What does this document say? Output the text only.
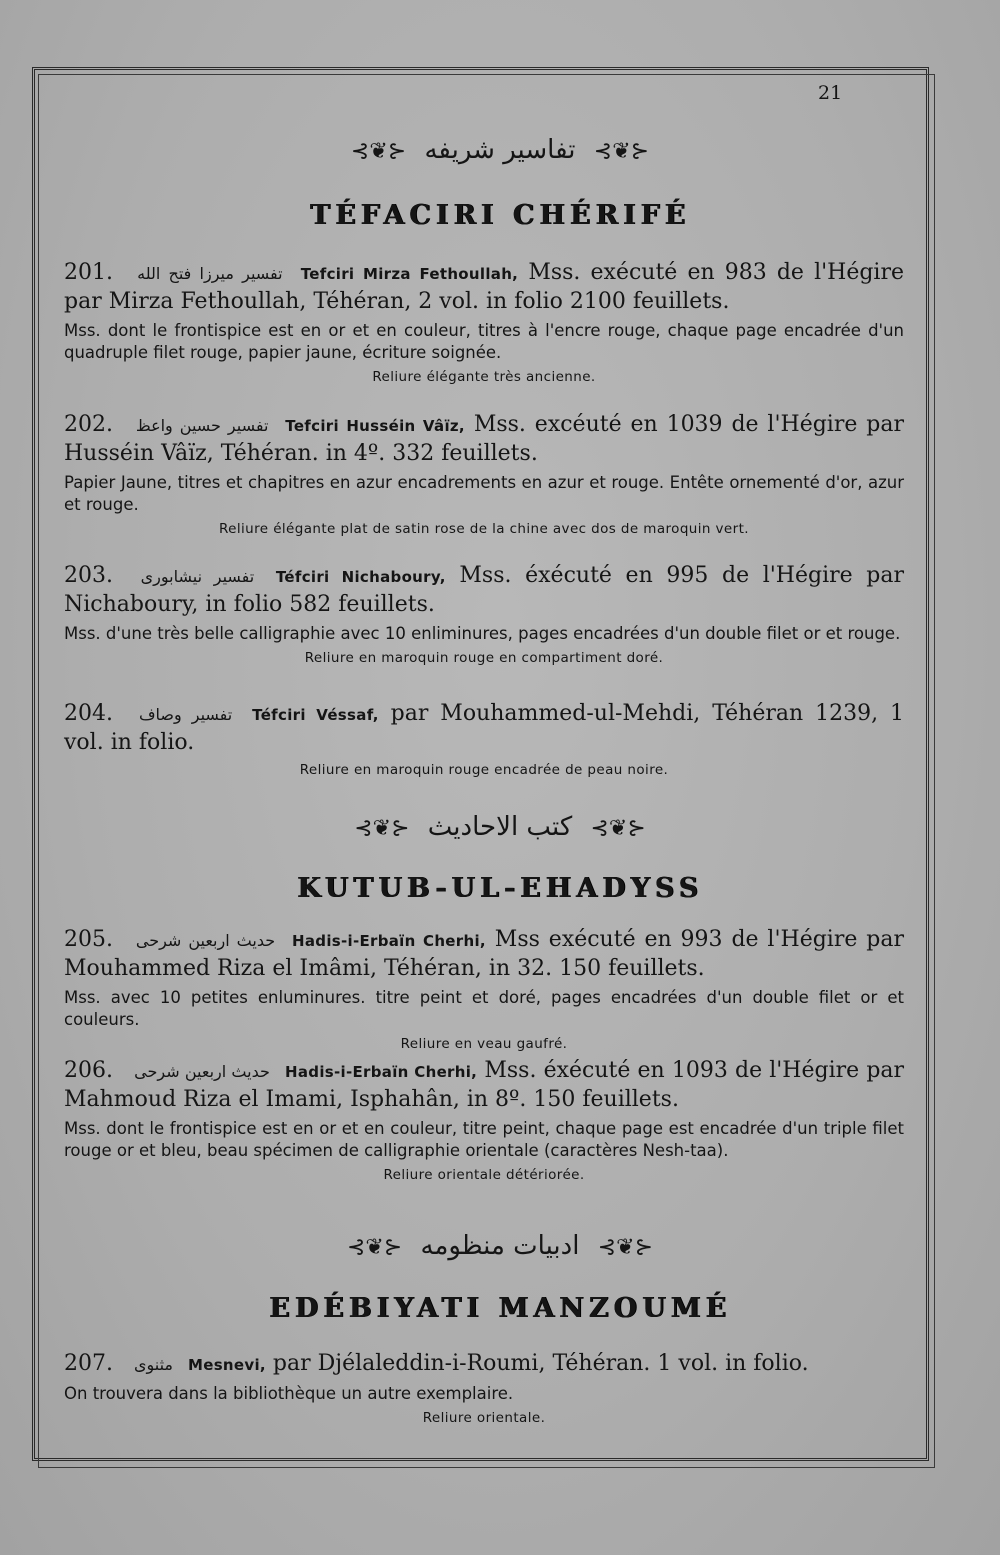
21
⊰❦⊱ تفاسير شريفه ⊰❦⊱
TÉFACIRI CHÉRIFÉ

201. تفسير ميرزا فتح الله Tefciri Mirza Fethoullah, Mss. exécuté en 983 de l'Hégire par Mirza Fethoullah, Téhéran, 2 vol. in folio 2100 feuillets.

Mss. dont le frontispice est en or et en couleur, titres à l'encre rouge, chaque page encadrée d'un quadruple filet rouge, papier jaune, écriture soignée.

Reliure élégante très ancienne.

202. تفسير حسين واعظ Tefciri Husséin Vâïz, Mss. excéuté en 1039 de l'Hégire par Husséin Vâïz, Téhéran. in 4º. 332 feuillets.

Papier Jaune, titres et chapitres en azur encadrements en azur et rouge. Entête ornementé d'or, azur et rouge.

Reliure élégante plat de satin rose de la chine avec dos de maroquin vert.

203. تفسير نيشابورى Téfciri Nichaboury, Mss. éxécuté en 995 de l'Hégire par Nichaboury, in folio 582 feuillets.

Mss. d'une très belle calligraphie avec 10 enliminures, pages encadrées d'un double filet or et rouge.

Reliure en maroquin rouge en compartiment doré.

204. تفسير وصاف Téfciri Véssaf, par Mouhammed-ul-Mehdi, Téhéran 1239, 1 vol. in folio.

Reliure en maroquin rouge encadrée de peau noire.

⊰❦⊱ كتب الاحاديث ⊰❦⊱
KUTUB-UL-EHADYSS

205. حديث اربعين شرحى Hadis-i-Erbaïn Cherhi, Mss exécuté en 993 de l'Hégire par Mouhammed Riza el Imâmi, Téhéran, in 32. 150 feuillets.

Mss. avec 10 petites enluminures. titre peint et doré, pages encadrées d'un double filet or et couleurs.

Reliure en veau gaufré.

206. حديث اربعين شرحى Hadis-i-Erbaïn Cherhi, Mss. éxécuté en 1093 de l'Hégire par Mahmoud Riza el Imami, Isphahân, in 8º. 150 feuillets.

Mss. dont le frontispice est en or et en couleur, titre peint, chaque page est encadrée d'un triple filet rouge or et bleu, beau spécimen de calligraphie orientale (caractères Nesh-taa).

Reliure orientale détériorée.

⊰❦⊱ ادبيات منظومه ⊰❦⊱
EDÉBIYATI MANZOUMÉ

207. مثنوى Mesnevi, par Djélaleddin-i-Roumi, Téhéran. 1 vol. in folio.

On trouvera dans la bibliothèque un autre exemplaire.

Reliure orientale.
